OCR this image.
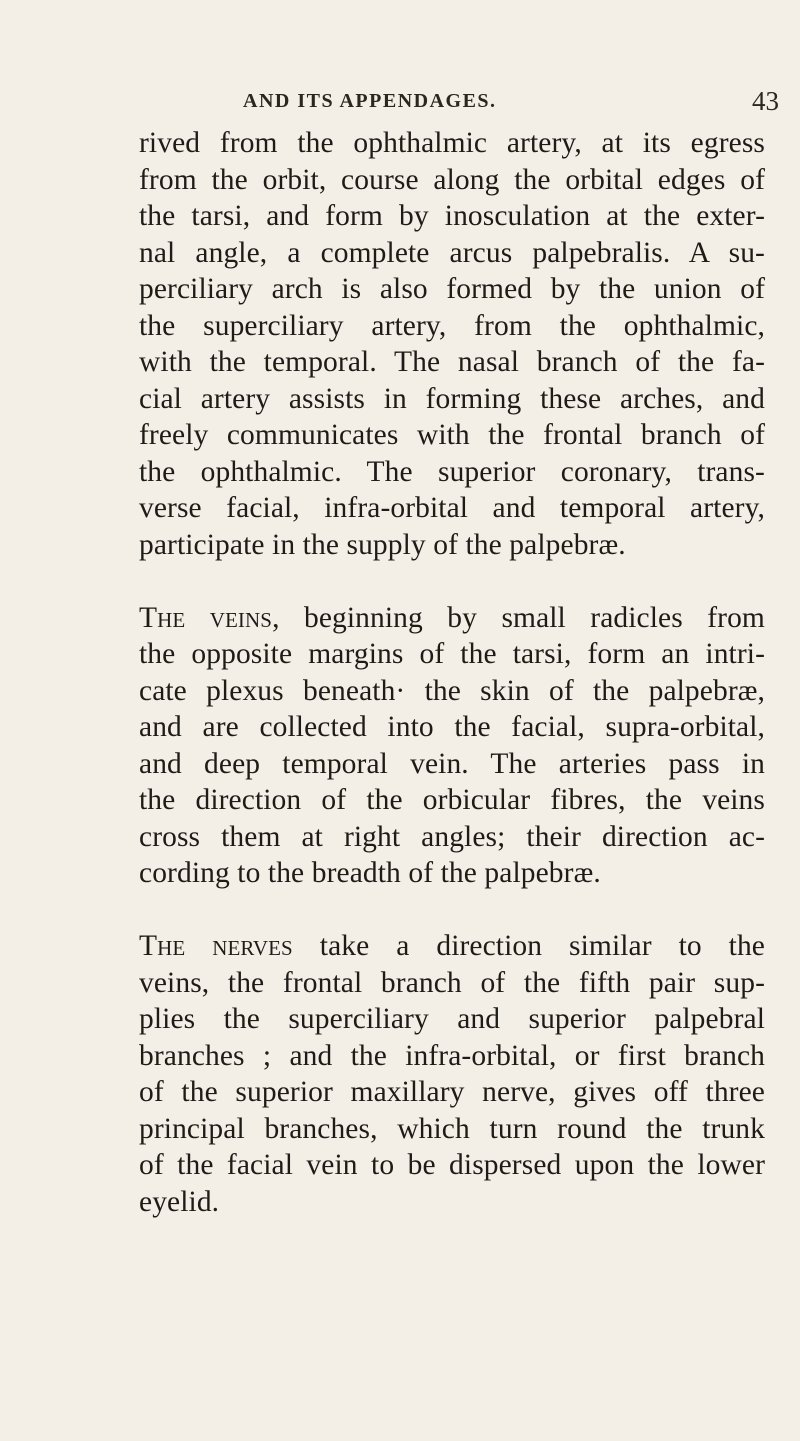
AND ITS APPENDAGES.	43
rived from the ophthalmic artery, at its egress
from the orbit, course along the orbital edges of
the tarsi, and form by inosculation at the exter-
nal angle, a complete arcus palpebralis. A su-
perciliary arch is also formed by the union of
the superciliary artery, from the ophthalmic,
with the temporal. The nasal branch of the fa-
cial artery assists in forming these arches, and
freely communicates with the frontal branch of
the ophthalmic. The superior coronary, trans-
verse facial, infra-orbital and temporal artery,
participate in the supply of the palpebræ.
The veins, beginning by small radicles from
the opposite margins of the tarsi, form an intri-
cate plexus beneath· the skin of the palpebræ,
and are collected into the facial, supra-orbital,
and deep temporal vein. The arteries pass in
the direction of the orbicular fibres, the veins
cross them at right angles; their direction ac-
cording to the breadth of the palpebræ.
The nerves take a direction similar to the
veins, the frontal branch of the fifth pair sup-
plies the superciliary and superior palpebral
branches ; and the infra-orbital, or first branch
of the superior maxillary nerve, gives off three
principal branches, which turn round the trunk
of the facial vein to be dispersed upon the lower
eyelid.
